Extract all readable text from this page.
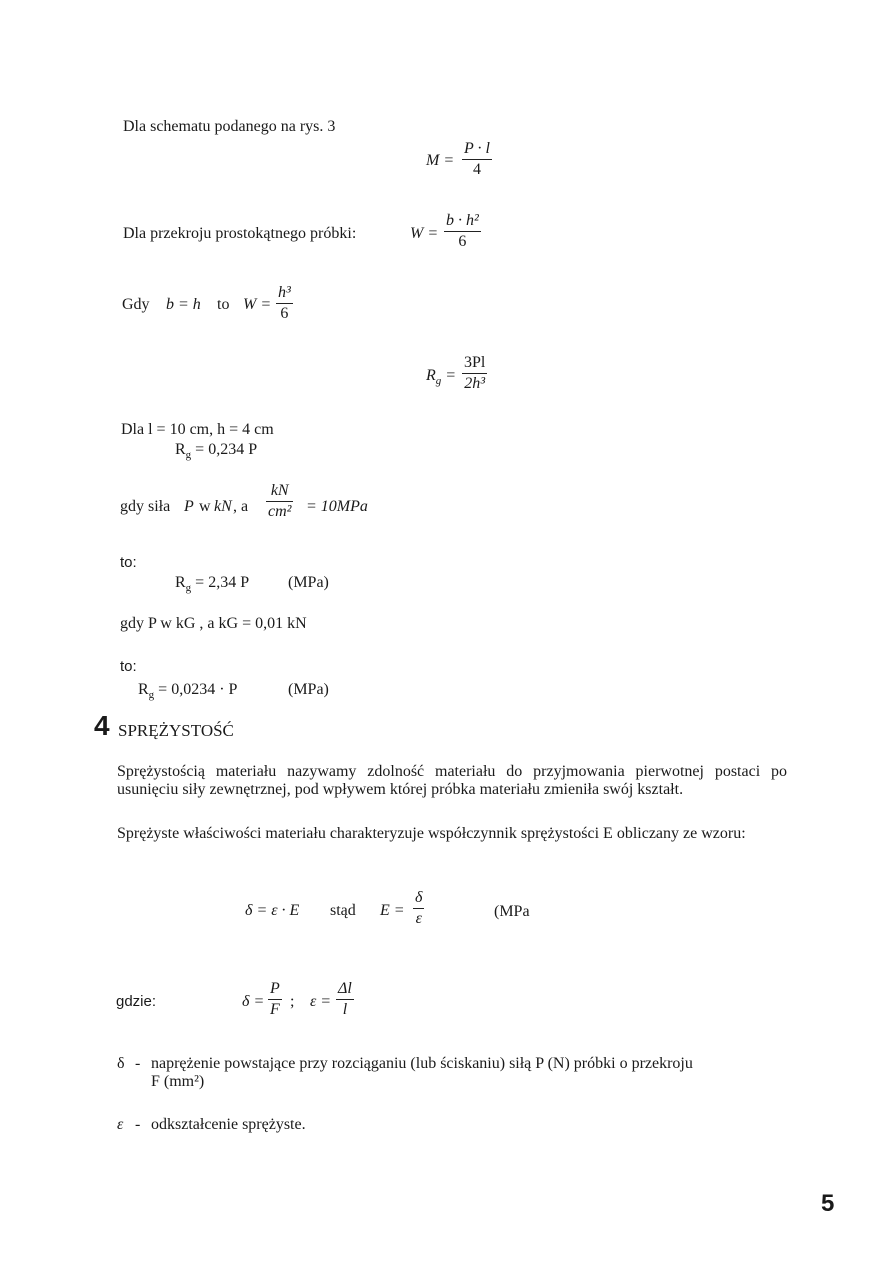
Dla schematu podanego na rys. 3
M =
P · l
4
Dla przekroju prostokątnego próbki:	W =
b · h²
6
Gdy b = h to W =
h³
6
$R_g$ =
3Pl
2h³
Dla l = 10 cm, h = 4 cm
$R_g = 0,234$ P
gdy siła P w kN , a
kN
cm² = 10MPa
to:
$R_g = 2,34$ P (MPa)
gdy P w kG , a kG = 0,01 kN
to:
$R_g = 0,0234 \cdot P$	(MPa)
4 SPRĘŻYSTOŚĆ
Sprężystością materiału nazywamy zdolność materiału do przyjmowania pierwotnej postaci po usunięciu siły zewnętrznej, pod wpływem której próbka materiału zmieniła swój kształt.
Sprężyste właściwości materiału charakteryzuje współczynnik sprężystości E obliczany ze wzoru:
δ = ε · E stąd E =
δ
ε	(MPa
gdzie:	δ =
P
F ; ε =
Δl
l
δ - naprężenie powstające przy rozciąganiu (lub ściskaniu) siłą P (N) próbki o przekroju
F (mm²)
ε - odkształcenie sprężyste.
5
